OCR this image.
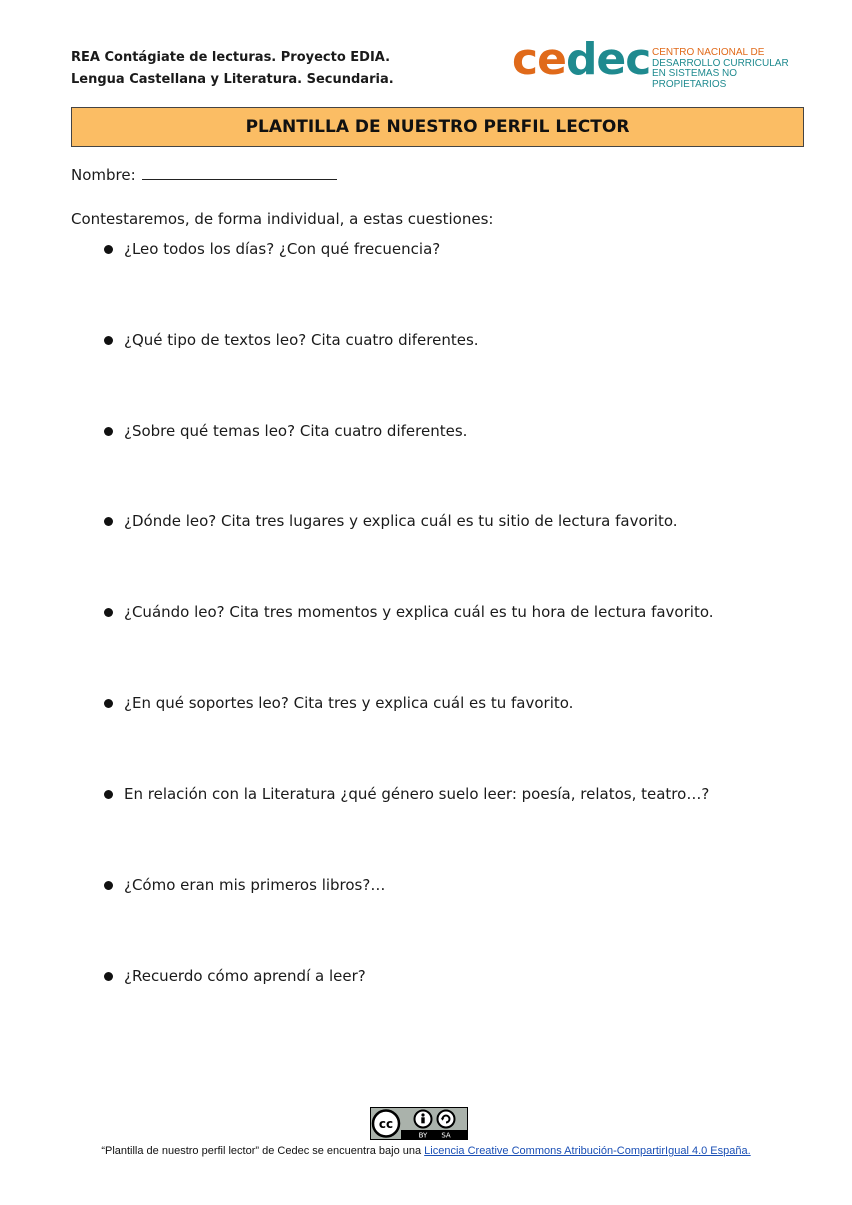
REA Contágiate de lecturas. Proyecto EDIA.
Lengua Castellana y Literatura. Secundaria.	cedec CENTRO NACIONAL DE
DESARROLLO CURRICULAR
EN SISTEMAS NO PROPIETARIOS
PLANTILLA DE NUESTRO PERFIL LECTOR
Nombre:
Contestaremos, de forma individual, a estas cuestiones:
¿Leo todos los días? ¿Con qué frecuencia?
¿Qué tipo de textos leo? Cita cuatro diferentes.
¿Sobre qué temas leo? Cita cuatro diferentes.
¿Dónde leo? Cita tres lugares y explica cuál es tu sitio de lectura favorito.
¿Cuándo leo? Cita tres momentos y explica cuál es tu hora de lectura favorito.
¿En qué soportes leo? Cita tres y explica cuál es tu favorito.
En relación con la Literatura ¿qué género suelo leer: poesía, relatos, teatro…?
¿Cómo eran mis primeros libros?…
¿Recuerdo cómo aprendí a leer?
cc
BY SA
“Plantilla de nuestro perfil lector” de Cedec se encuentra bajo una Licencia Creative Commons Atribución-CompartirIgual 4.0 España.
